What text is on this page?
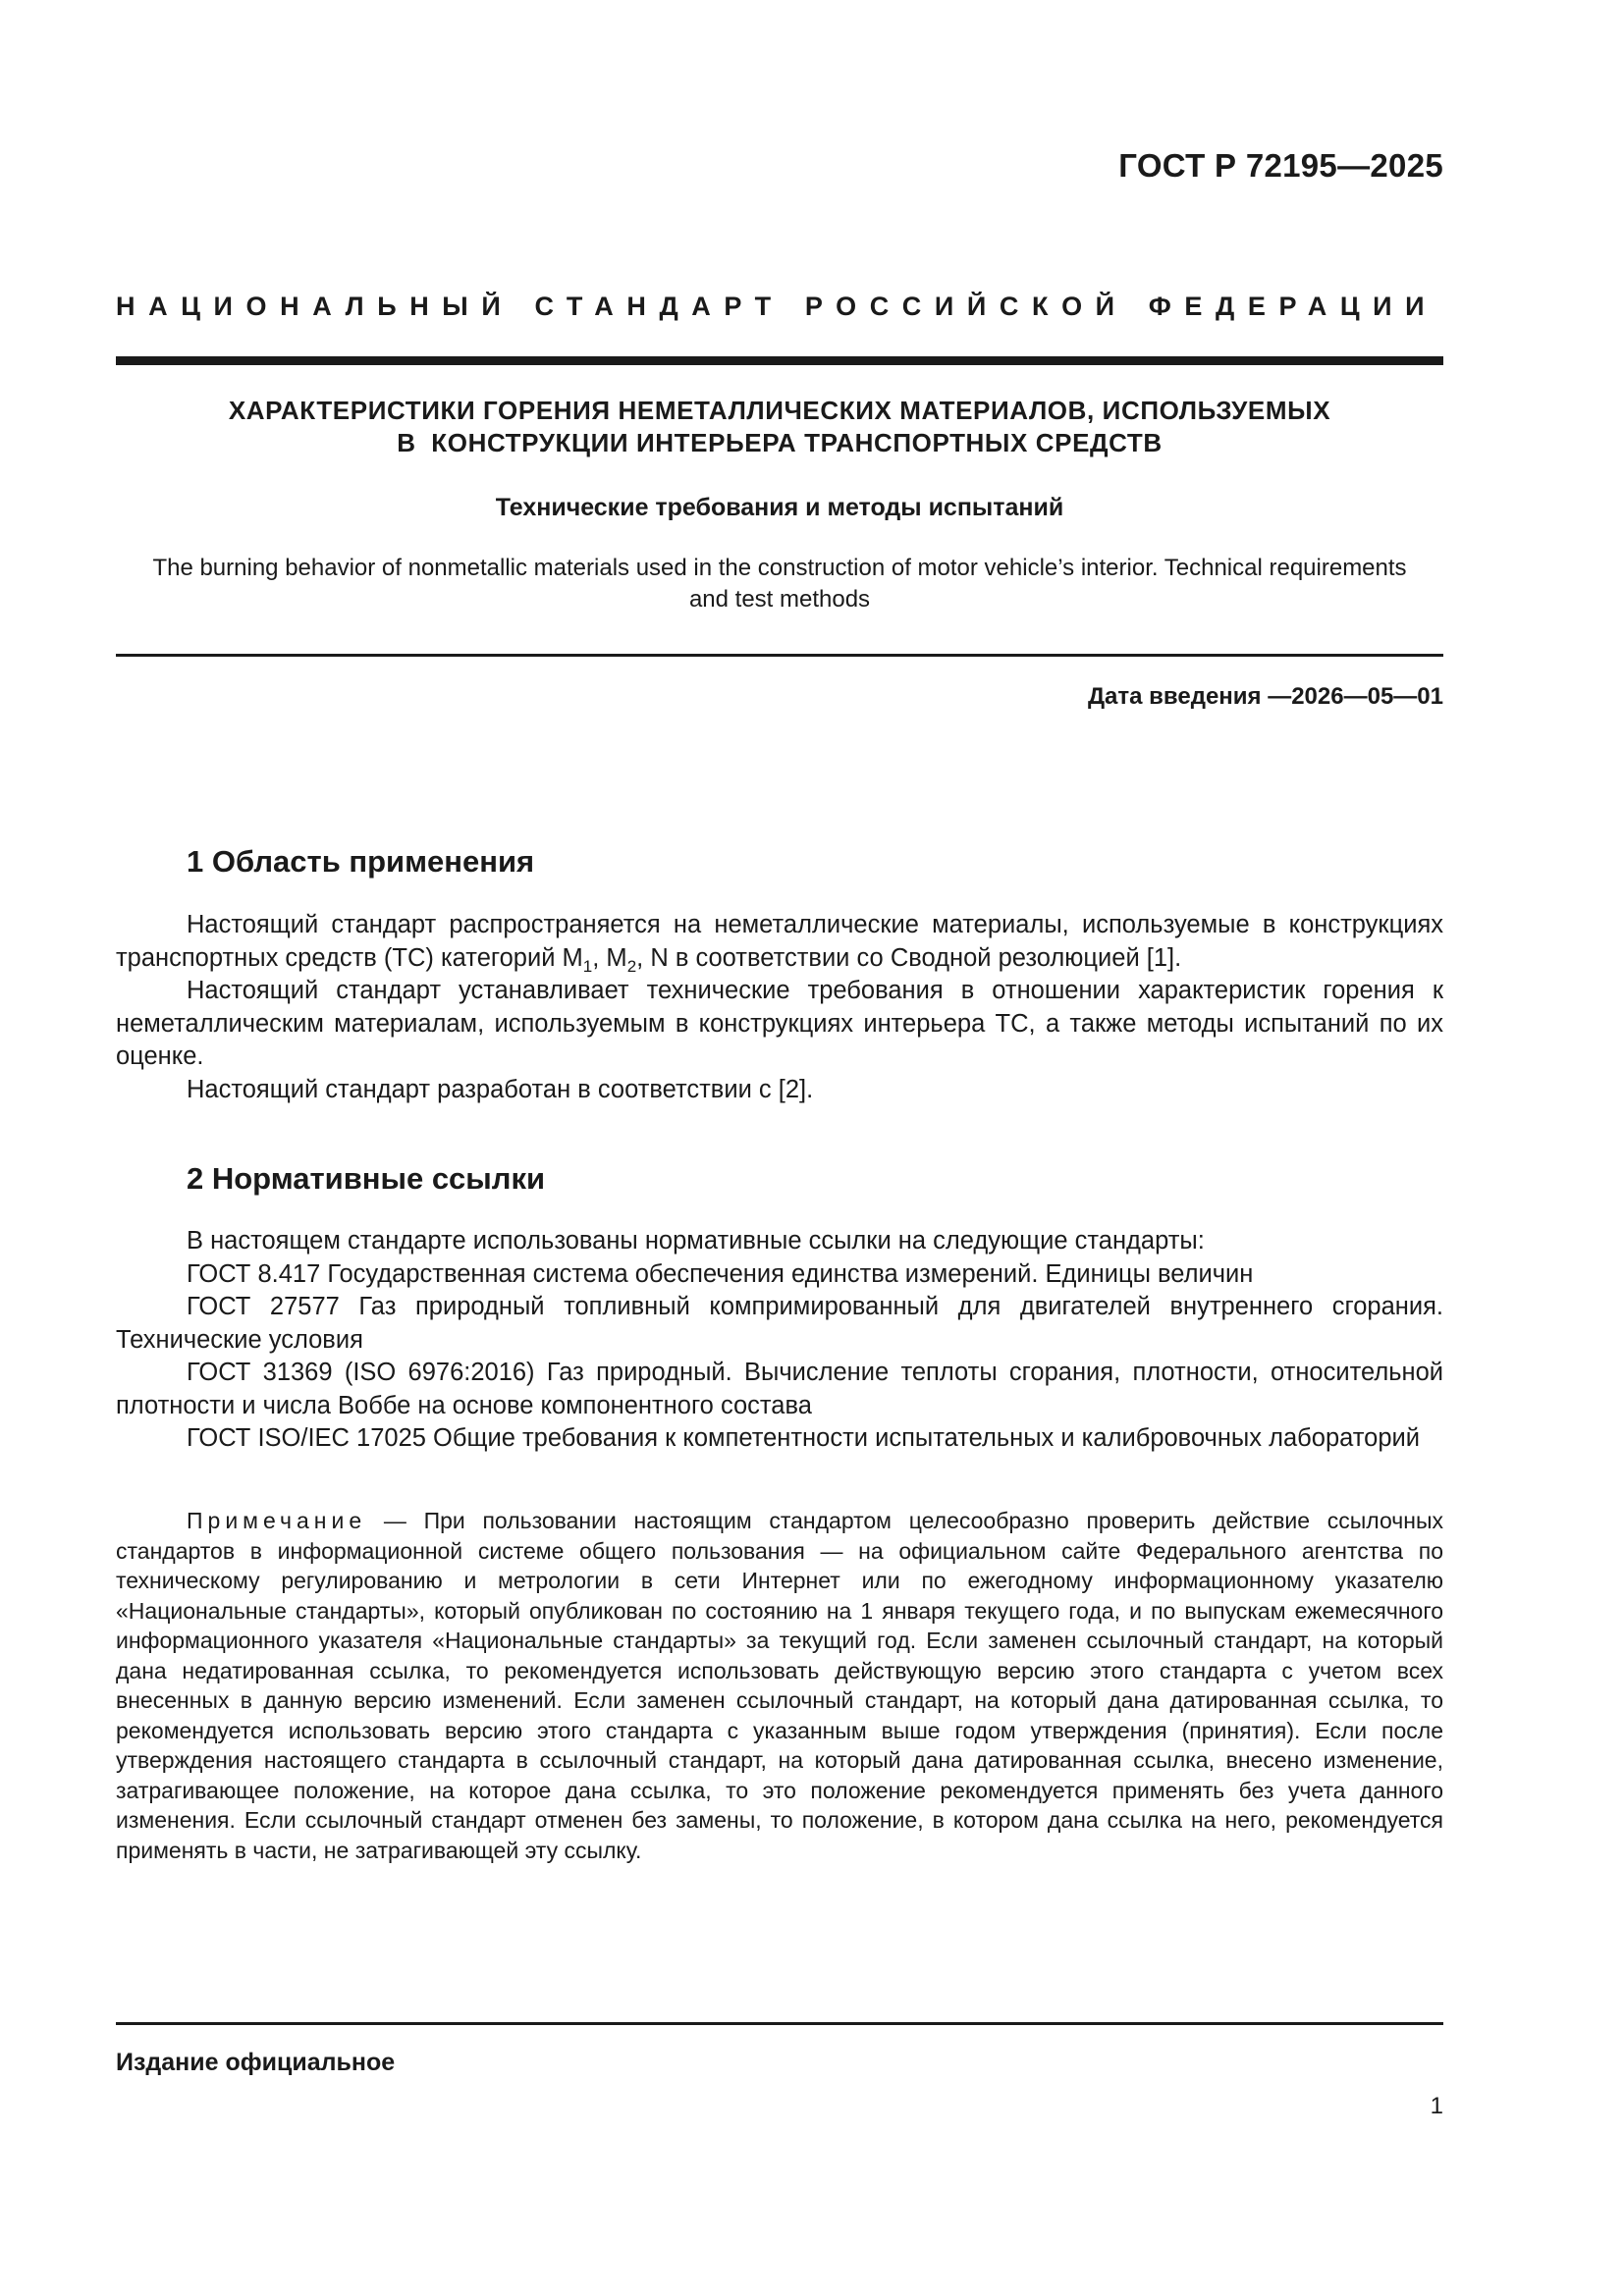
ГОСТ Р 72195—2025
НАЦИОНАЛЬНЫЙ СТАНДАРТ РОССИЙСКОЙ ФЕДЕРАЦИИ
ХАРАКТЕРИСТИКИ ГОРЕНИЯ НЕМЕТАЛЛИЧЕСКИХ МАТЕРИАЛОВ, ИСПОЛЬЗУЕМЫХ
В  КОНСТРУКЦИИ ИНТЕРЬЕРА ТРАНСПОРТНЫХ СРЕДСТВ
Технические требования и методы испытаний
The burning behavior of nonmetallic materials used in the construction of motor vehicle’s interior. Technical requirements
and test methods
Дата введения —2026—05—01
1 Область применения

Настоящий стандарт распространяется на неметаллические материалы, используемые в конструкциях транспортных средств (ТС) категорий $М_1$, $М_2$, N в соответствии со Сводной резолюцией [1].

Настоящий стандарт устанавливает технические требования в отношении характеристик горения к неметаллическим материалам, используемым в конструкциях интерьера ТС, а также методы испытаний по их оценке.

Настоящий стандарт разработан в соответствии с [2].

2 Нормативные ссылки

В настоящем стандарте использованы нормативные ссылки на следующие стандарты:

ГОСТ 8.417 Государственная система обеспечения единства измерений. Единицы величин

ГОСТ 27577 Газ природный топливный компримированный для двигателей внутреннего сгорания. Технические условия

ГОСТ 31369 (ISO 6976:2016) Газ природный. Вычисление теплоты сгорания, плотности, относительной плотности и числа Воббе на основе компонентного состава

ГОСТ ISO/IEC 17025 Общие требования к компетентности испытательных и калибровочных лабораторий

Примечание — При пользовании настоящим стандартом целесообразно проверить действие ссылочных стандартов в информационной системе общего пользования — на официальном сайте Федерального агентства по техническому регулированию и метрологии в сети Интернет или по ежегодному информационному указателю «Национальные стандарты», который опубликован по состоянию на 1 января текущего года, и по выпускам ежемесячного информационного указателя «Национальные стандарты» за текущий год. Если заменен ссылочный стандарт, на который дана недатированная ссылка, то рекомендуется использовать действующую версию этого стандарта с учетом всех внесенных в данную версию изменений. Если заменен ссылочный стандарт, на который дана датированная ссылка, то рекомендуется использовать версию этого стандарта с указанным выше годом утверждения (принятия). Если после утверждения настоящего стандарта в ссылочный стандарт, на который дана датированная ссылка, внесено изменение, затрагивающее положение, на которое дана ссылка, то это положение рекомендуется применять без учета данного изменения. Если ссылочный стандарт отменен без замены, то положение, в котором дана ссылка на него, рекомендуется применять в части, не затрагивающей эту ссылку.
Издание официальное
1
